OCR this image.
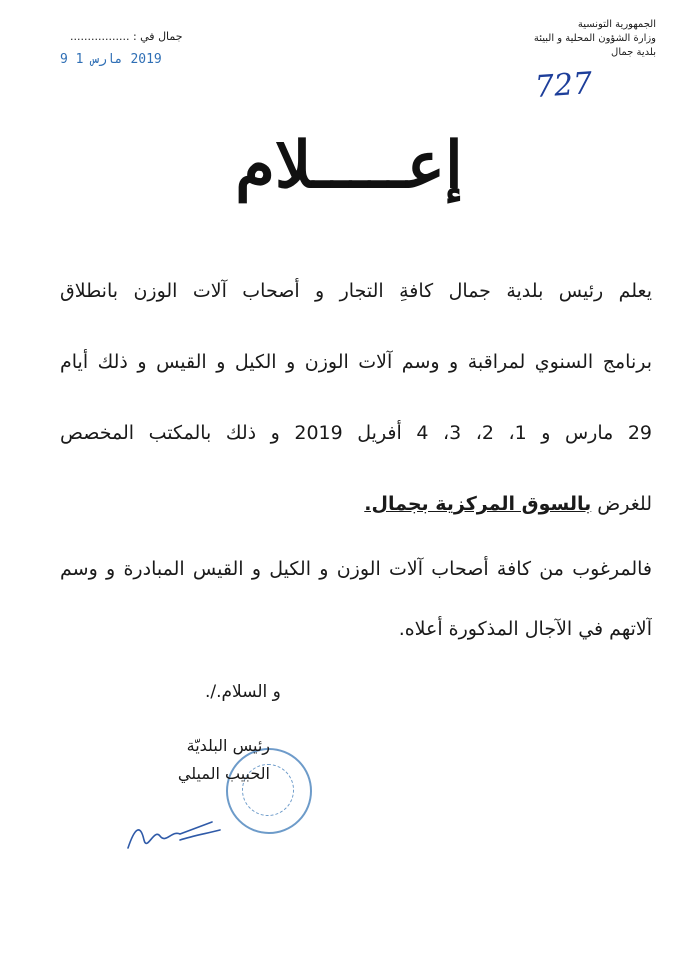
الجمهورية التونسية
وزارة الشؤون المحلية و البيئة
بلدية جمال
جمال في : .................
2019 مارس 1 9
727
إعـــــلام
يعلم رئيس بلدية جمال كافةِ التجار و أصحاب آلات الوزن بانطلاق
برنامج السنوي لمراقبة و وسم آلات الوزن و الكيل و القيس و ذلك أيام
29 مارس و 1، 2، 3، 4 أفريل 2019 و ذلك بالمكتب المخصص
للغرض بالسوق المركزية بجمال.
فالمرغوب من كافة أصحاب آلات الوزن و الكيل و القيس المبادرة و وسم
آلاتهم في الآجال المذكورة أعلاه.
و السلام./.
رئيس البلديّة
الحبيب الميلي
